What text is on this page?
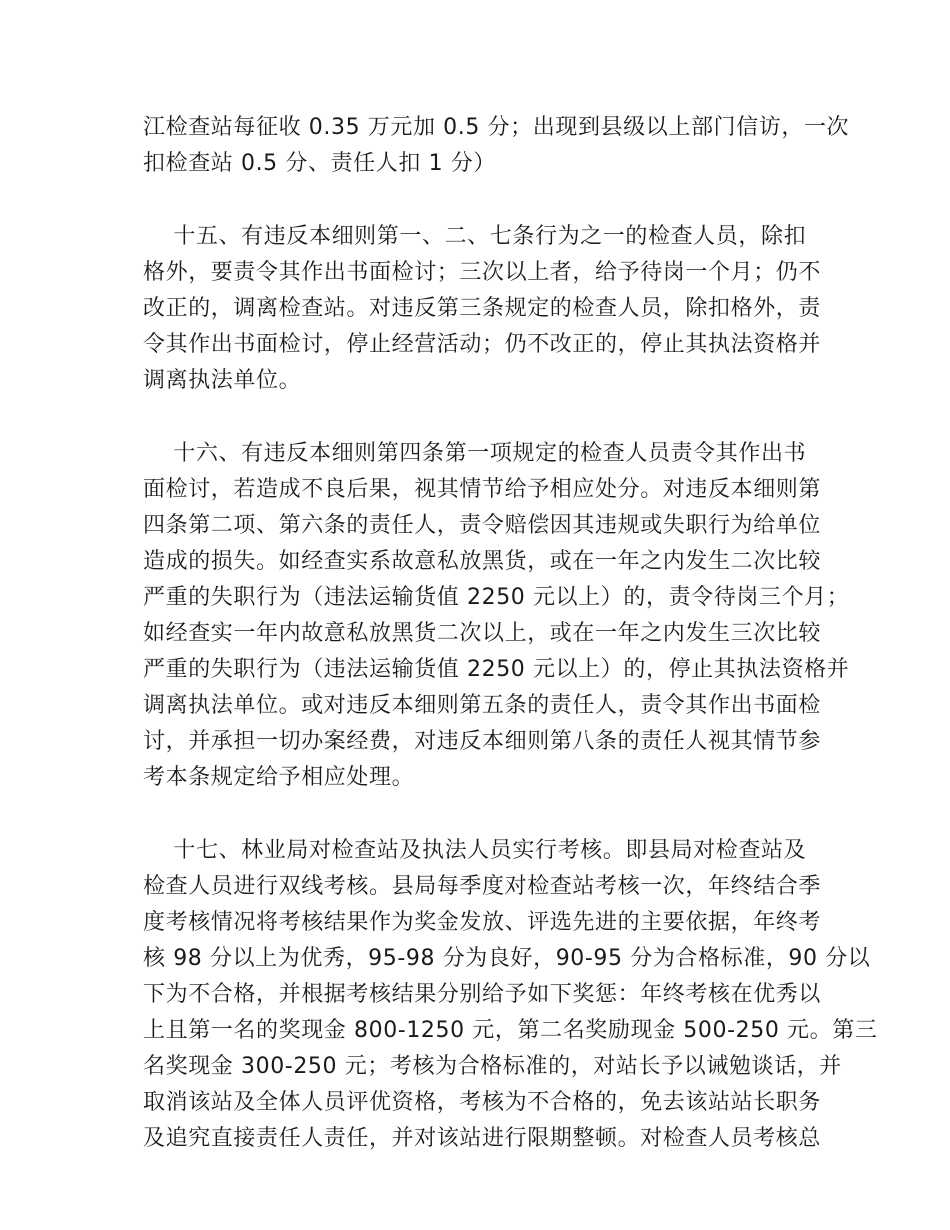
江检查站每征收 0.35 万元加 0.5 分；出现到县级以上部门信访，一次
扣检查站 0.5 分、责任人扣 1 分）
十五、有违反本细则第一、二、七条行为之一的检查人员，除扣
格外，要责令其作出书面检讨；三次以上者，给予待岗一个月；仍不
改正的，调离检查站。对违反第三条规定的检查人员，除扣格外，责
令其作出书面检讨，停止经营活动；仍不改正的，停止其执法资格并
调离执法单位。
十六、有违反本细则第四条第一项规定的检查人员责令其作出书
面检讨，若造成不良后果，视其情节给予相应处分。对违反本细则第
四条第二项、第六条的责任人，责令赔偿因其违规或失职行为给单位
造成的损失。如经查实系故意私放黑货，或在一年之内发生二次比较
严重的失职行为（违法运输货值 2250 元以上）的，责令待岗三个月；
如经查实一年内故意私放黑货二次以上，或在一年之内发生三次比较
严重的失职行为（违法运输货值 2250 元以上）的，停止其执法资格并
调离执法单位。或对违反本细则第五条的责任人，责令其作出书面检
讨，并承担一切办案经费，对违反本细则第八条的责任人视其情节参
考本条规定给予相应处理。
十七、林业局对检查站及执法人员实行考核。即县局对检查站及
检查人员进行双线考核。县局每季度对检查站考核一次，年终结合季
度考核情况将考核结果作为奖金发放、评选先进的主要依据，年终考
核 98 分以上为优秀，95-98 分为良好，90-95 分为合格标准，90 分以
下为不合格，并根据考核结果分别给予如下奖惩：年终考核在优秀以
上且第一名的奖现金 800-1250 元，第二名奖励现金 500-250 元。第三
名奖现金 300-250 元；考核为合格标准的，对站长予以诫勉谈话，并
取消该站及全体人员评优资格，考核为不合格的，免去该站站长职务
及追究直接责任人责任，并对该站进行限期整顿。对检查人员考核总
